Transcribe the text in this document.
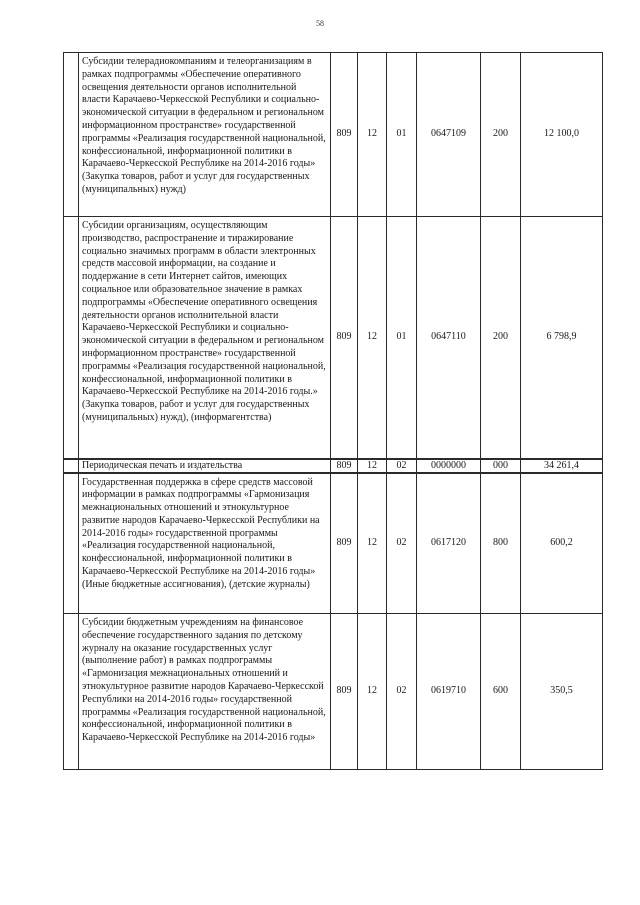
58
	Субсидии телерадиокомпаниям и телеорганизациям в рамках подпрограммы «Обеспечение оперативного освещения деятельности органов исполнительной власти Карачаево-Черкесской Республики и социально-экономической ситуации в федеральном и региональном информационном пространстве» государственной программы «Реализация государственной национальной, конфессиональной, информационной политики в Карачаево-Черкесской Республике на 2014-2016 годы» (Закупка товаров, работ и услуг для государственных (муниципальных) нужд)	809	12	01	0647109	200	12 100,0
	Субсидии организациям, осуществляющим производство, распространение и тиражирование социально значимых программ в области электронных средств массовой информации, на создание и поддержание в сети Интернет сайтов, имеющих социальное или образовательное значение в рамках подпрограммы «Обеспечение оперативного освещения деятельности органов исполнительной власти Карачаево-Черкесской Республики и социально-экономической ситуации в федеральном и региональном информационном пространстве» государственной программы «Реализация государственной национальной, конфессиональной, информационной политики в Карачаево-Черкесской Республике на 2014-2016 годы.» (Закупка товаров, работ и услуг для государственных (муниципальных) нужд), (информагентства)	809	12	01	0647110	200	6 798,9
	Периодическая печать и издательства	809	12	02	0000000	000	34 261,4
	Государственная поддержка в сфере средств массовой информации в рамках подпрограммы «Гармонизация межнациональных отношений и этнокультурное развитие народов Карачаево-Черкесской Республики на 2014-2016 годы» государственной программы «Реализация государственной национальной, конфессиональной, информационной политики в Карачаево-Черкесской Республике на 2014-2016 годы» (Иные бюджетные ассигнования), (детские журналы)	809	12	02	0617120	800	600,2
	Субсидии бюджетным учреждениям на финансовое обеспечение государственного задания по детскому журналу на оказание государственных услуг (выполнение работ) в рамках подпрограммы «Гармонизация межнациональных отношений и этнокультурное развитие народов Карачаево-Черкесской Республики на 2014-2016 годы» государственной программы «Реализация государственной национальной, конфессиональной, информационной политики в Карачаево-Черкесской Республике на 2014-2016 годы»	809	12	02	0619710	600	350,5
